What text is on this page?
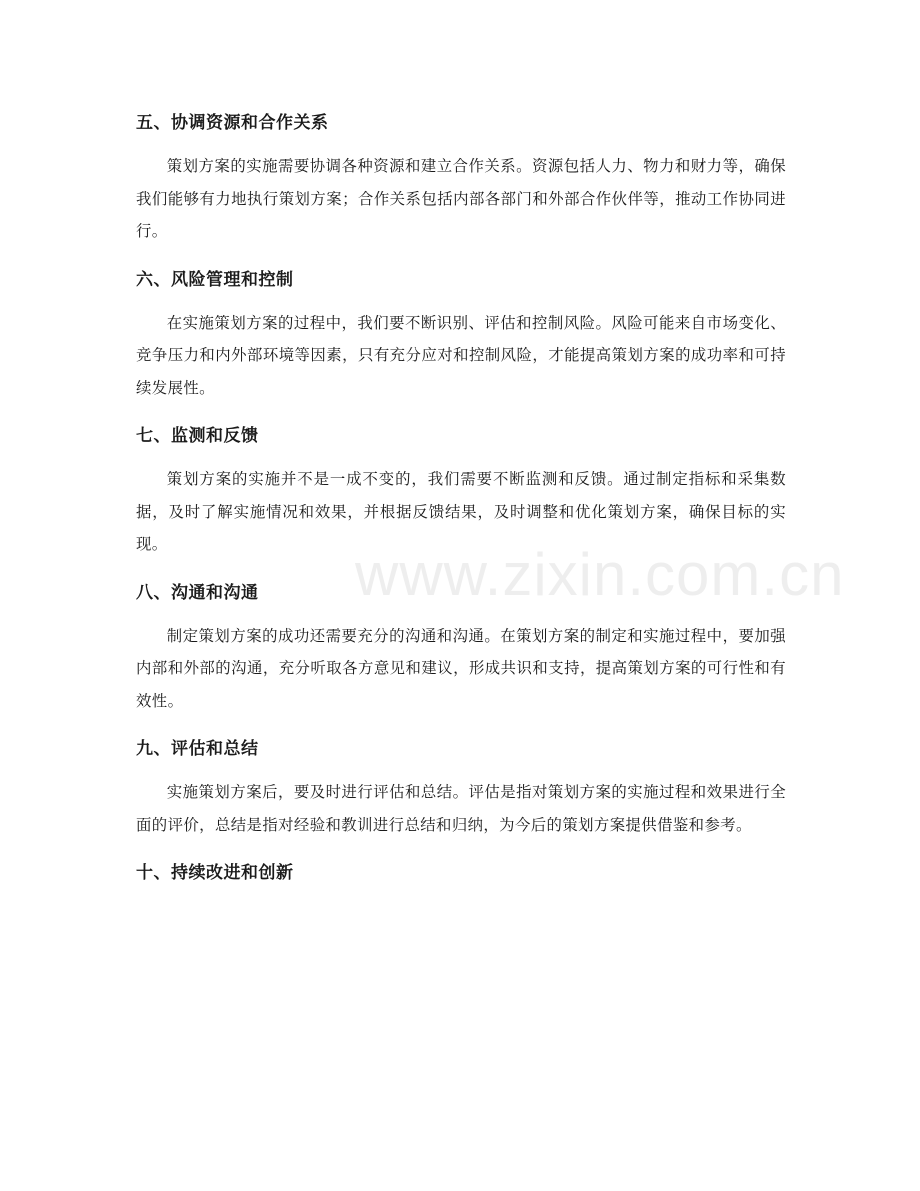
五、协调资源和合作关系

策划方案的实施需要协调各种资源和建立合作关系。资源包括人力、物力和财力等，确保我们能够有力地执行策划方案；合作关系包括内部各部门和外部合作伙伴等，推动工作协同进行。

六、风险管理和控制

在实施策划方案的过程中，我们要不断识别、评估和控制风险。风险可能来自市场变化、竞争压力和内外部环境等因素，只有充分应对和控制风险，才能提高策划方案的成功率和可持续发展性。

七、监测和反馈

策划方案的实施并不是一成不变的，我们需要不断监测和反馈。通过制定指标和采集数据，及时了解实施情况和效果，并根据反馈结果，及时调整和优化策划方案，确保目标的实现。

八、沟通和沟通

制定策划方案的成功还需要充分的沟通和沟通。在策划方案的制定和实施过程中，要加强内部和外部的沟通，充分听取各方意见和建议，形成共识和支持，提高策划方案的可行性和有效性。

九、评估和总结

实施策划方案后，要及时进行评估和总结。评估是指对策划方案的实施过程和效果进行全面的评价，总结是指对经验和教训进行总结和归纳，为今后的策划方案提供借鉴和参考。

十、持续改进和创新
www.zixin.com.cn
